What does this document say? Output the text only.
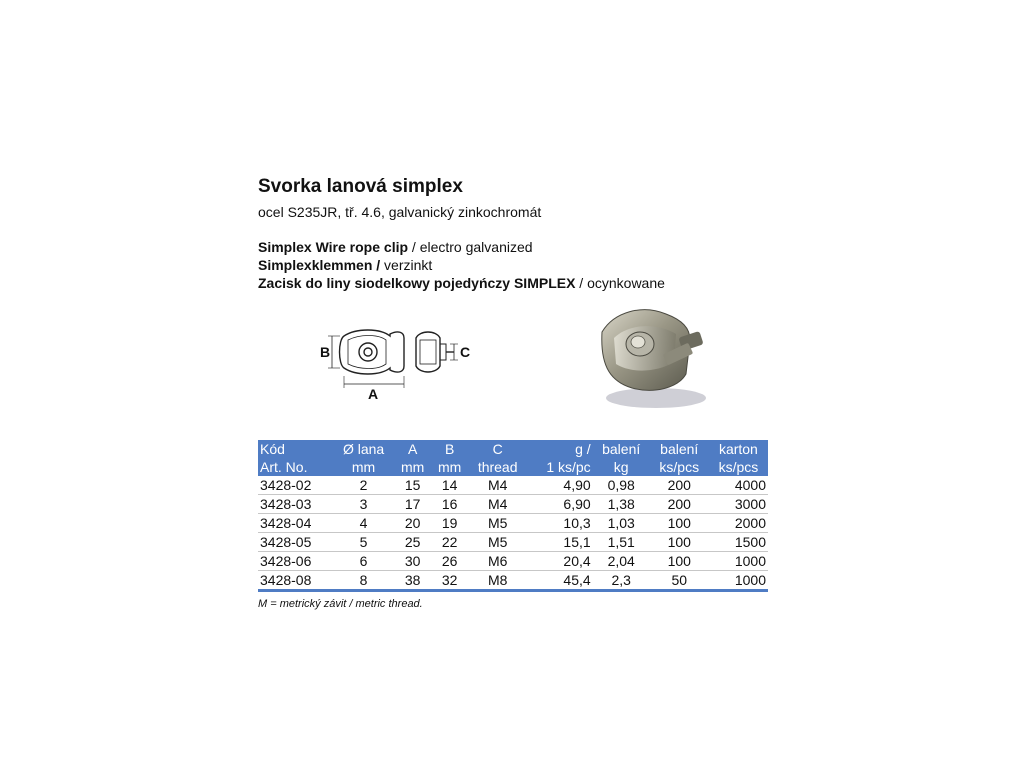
Svorka lanová simplex
ocel S235JR, tř. 4.6, galvanický zinkochromát
Simplex Wire rope clip / electro galvanized
Simplexklemmen / verzinkt
Zacisk do liny siodelkowy pojedyńczy SIMPLEX / ocynkowane
B
A
C
Kód	Ø lana	A	B	C	g /	balení	balení	karton
Art. No.	mm	mm	mm	thread	1 ks/pc	kg	ks/pcs	ks/pcs
3428-02	2	15	14	M4	4,90	0,98	200	4000
3428-03	3	17	16	M4	6,90	1,38	200	3000
3428-04	4	20	19	M5	10,3	1,03	100	2000
3428-05	5	25	22	M5	15,1	1,51	100	1500
3428-06	6	30	26	M6	20,4	2,04	100	1000
3428-08	8	38	32	M8	45,4	2,3	50	1000
M = metrický závit / metric thread.
